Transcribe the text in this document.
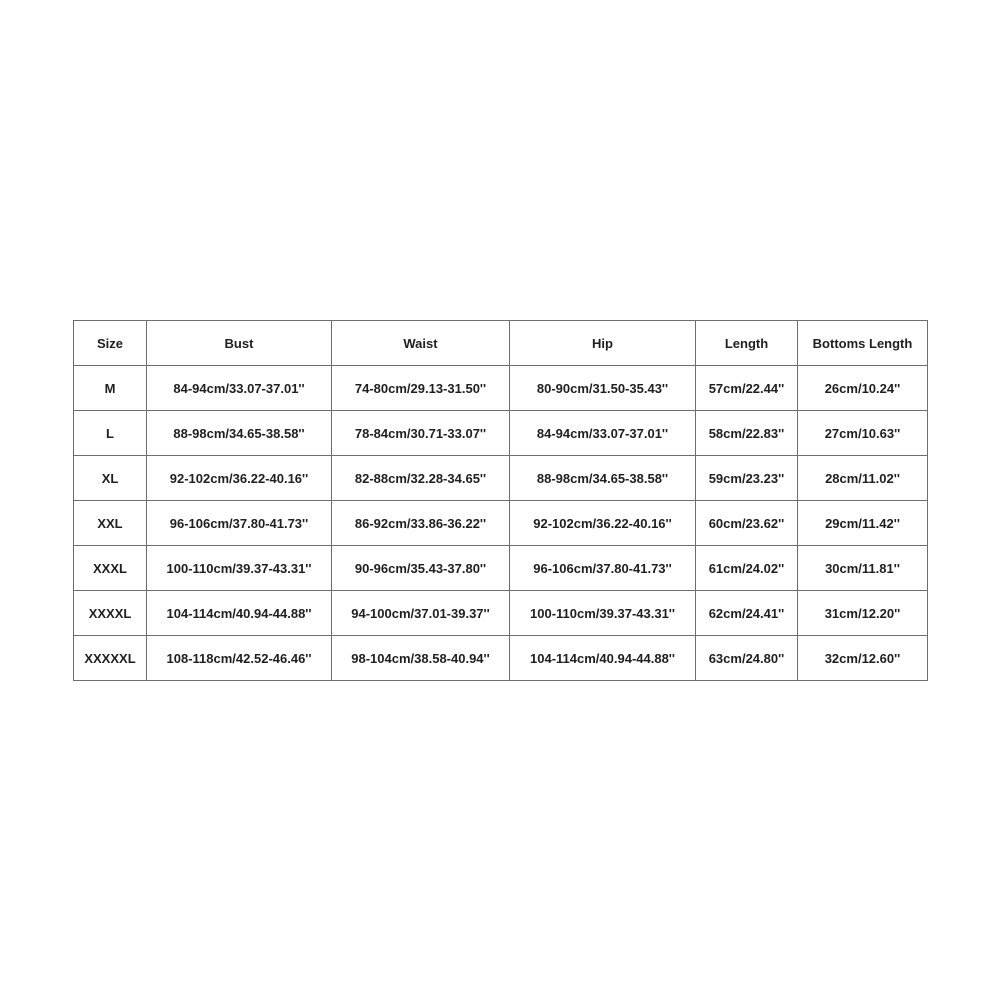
Size	Bust	Waist	Hip	Length	Bottoms Length
M	84-94cm/33.07-37.01''	74-80cm/29.13-31.50''	80-90cm/31.50-35.43''	57cm/22.44''	26cm/10.24''
L	88-98cm/34.65-38.58''	78-84cm/30.71-33.07''	84-94cm/33.07-37.01''	58cm/22.83''	27cm/10.63''
XL	92-102cm/36.22-40.16''	82-88cm/32.28-34.65''	88-98cm/34.65-38.58''	59cm/23.23''	28cm/11.02''
XXL	96-106cm/37.80-41.73''	86-92cm/33.86-36.22''	92-102cm/36.22-40.16''	60cm/23.62''	29cm/11.42''
XXXL	100-110cm/39.37-43.31''	90-96cm/35.43-37.80''	96-106cm/37.80-41.73''	61cm/24.02''	30cm/11.81''
XXXXL	104-114cm/40.94-44.88''	94-100cm/37.01-39.37''	100-110cm/39.37-43.31''	62cm/24.41''	31cm/12.20''
XXXXXL	108-118cm/42.52-46.46''	98-104cm/38.58-40.94''	104-114cm/40.94-44.88''	63cm/24.80''	32cm/12.60''
